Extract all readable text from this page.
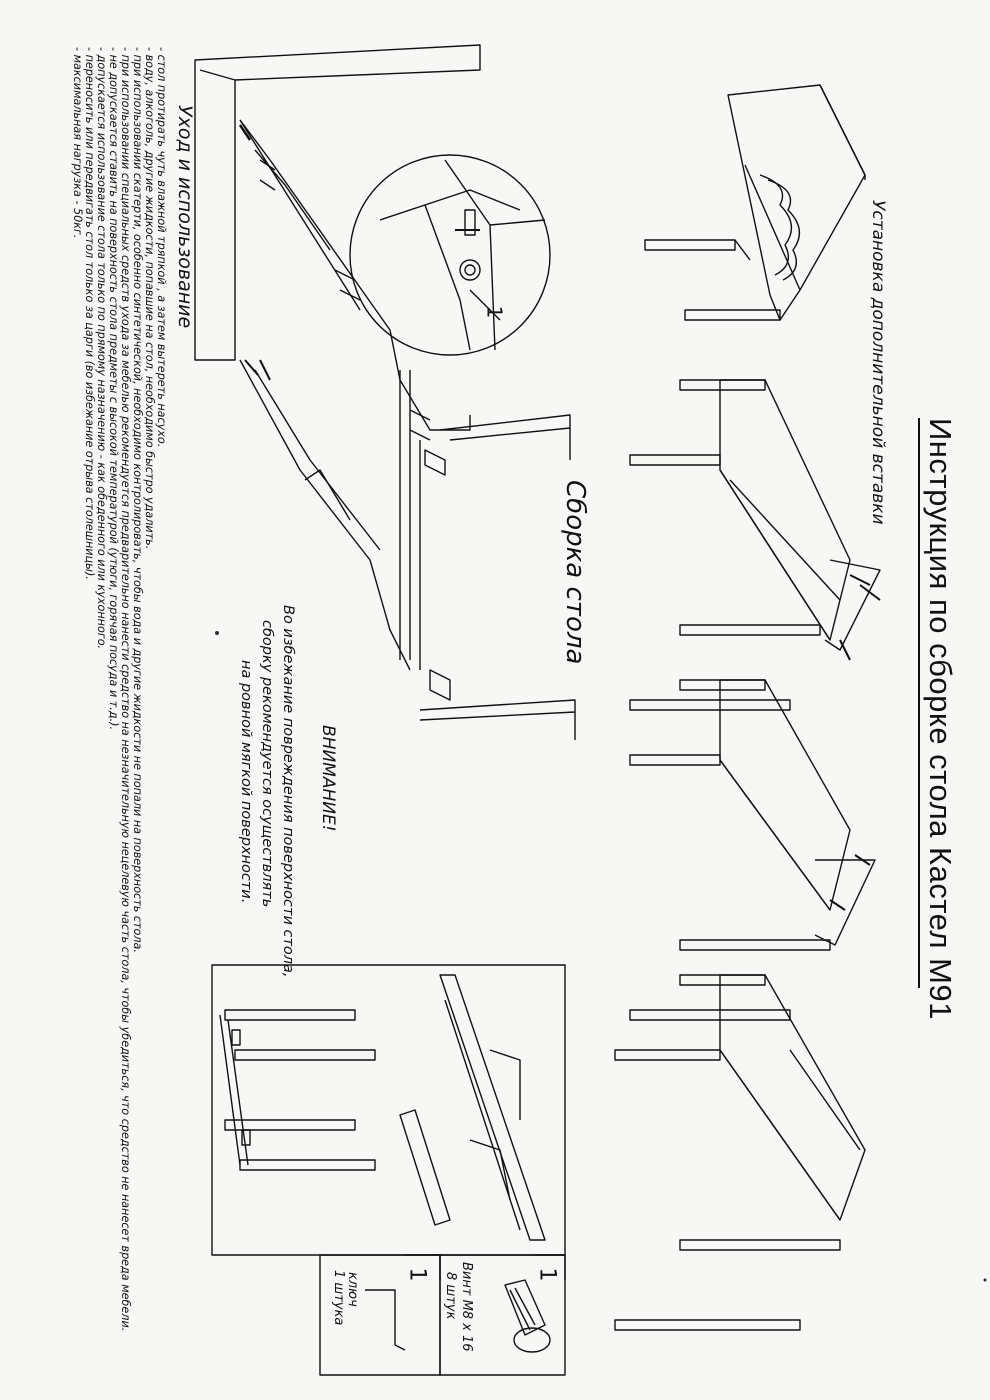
Инструкция по сборке стола Кастел М91
Установка дополнительной вставки
Сборка стола
ВНИМАНИЕ!
Во избежание повреждения поверхности стола,
сборку рекомендуется осуществлять
на ровной мягкой поверхности.
Уход и использование
- стол протирать чуть влажной тряпкой , а затем вытереть насухо.
- воду, алкоголь, другие жидкости, попавшие на стол, необходимо быстро удалить.
- при использовании скатерти, особенно синтетической, необходимо контролировать, чтобы вода и другие жидкости не попали на поверхность стола.
- при использовании специальных средств ухода за мебелью рекомендуется предварительно нанести средство на незначительную нецелевую часть стола, чтобы убедиться, что средство не нанесет вреда мебели.
- не допускается ставить на поверхность стола предметы с высокой температурой (утюги, горячая посуда и т.д.).
- допускается использование стола только по прямому назначению - как обеденного или кухонного.
- переносить или передвигать стол только за царги (во избежание отрыва столешницы).
- максимальная нагрузка - 50кг.
1
Винт М8 х 16
8 штук
1
ключ
1 штука
1
